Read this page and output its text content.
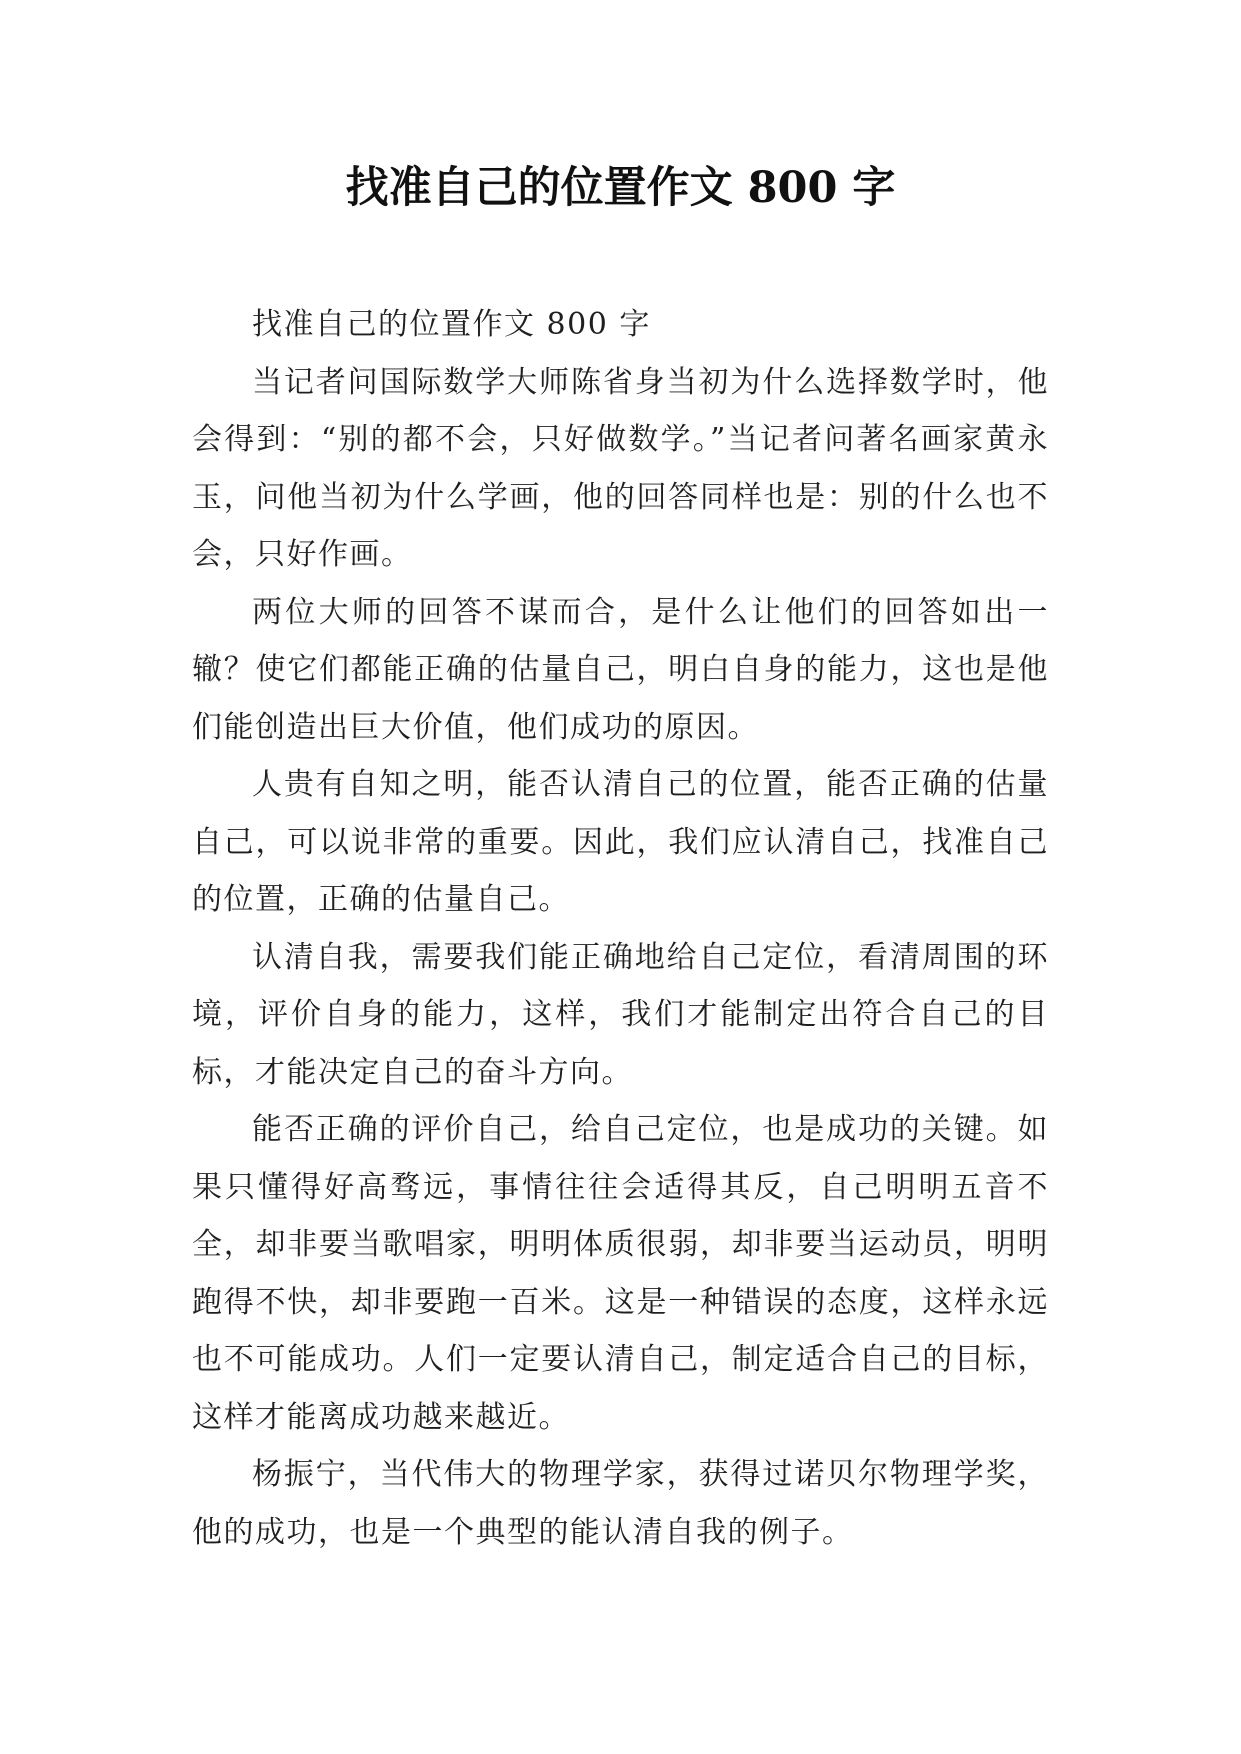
找准自己的位置作文 800 字

找准自己的位置作文 800 字

当记者问国际数学大师陈省身当初为什么选择数学时，他会得到：“别的都不会，只好做数学。”当记者问著名画家黄永玉，问他当初为什么学画，他的回答同样也是：别的什么也不会，只好作画。

两位大师的回答不谋而合，是什么让他们的回答如出一辙？使它们都能正确的估量自己，明白自身的能力，这也是他们能创造出巨大价值，他们成功的原因。

人贵有自知之明，能否认清自己的位置，能否正确的估量自己，可以说非常的重要。因此，我们应认清自己，找准自己的位置，正确的估量自己。

认清自我，需要我们能正确地给自己定位，看清周围的环境，评价自身的能力，这样，我们才能制定出符合自己的目标，才能决定自己的奋斗方向。

能否正确的评价自己，给自己定位，也是成功的关键。如果只懂得好高骛远，事情往往会适得其反，自己明明五音不全，却非要当歌唱家，明明体质很弱，却非要当运动员，明明跑得不快，却非要跑一百米。这是一种错误的态度，这样永远也不可能成功。人们一定要认清自己，制定适合自己的目标，这样才能离成功越来越近。

杨振宁，当代伟大的物理学家，获得过诺贝尔物理学奖，他的成功，也是一个典型的能认清自我的例子。
